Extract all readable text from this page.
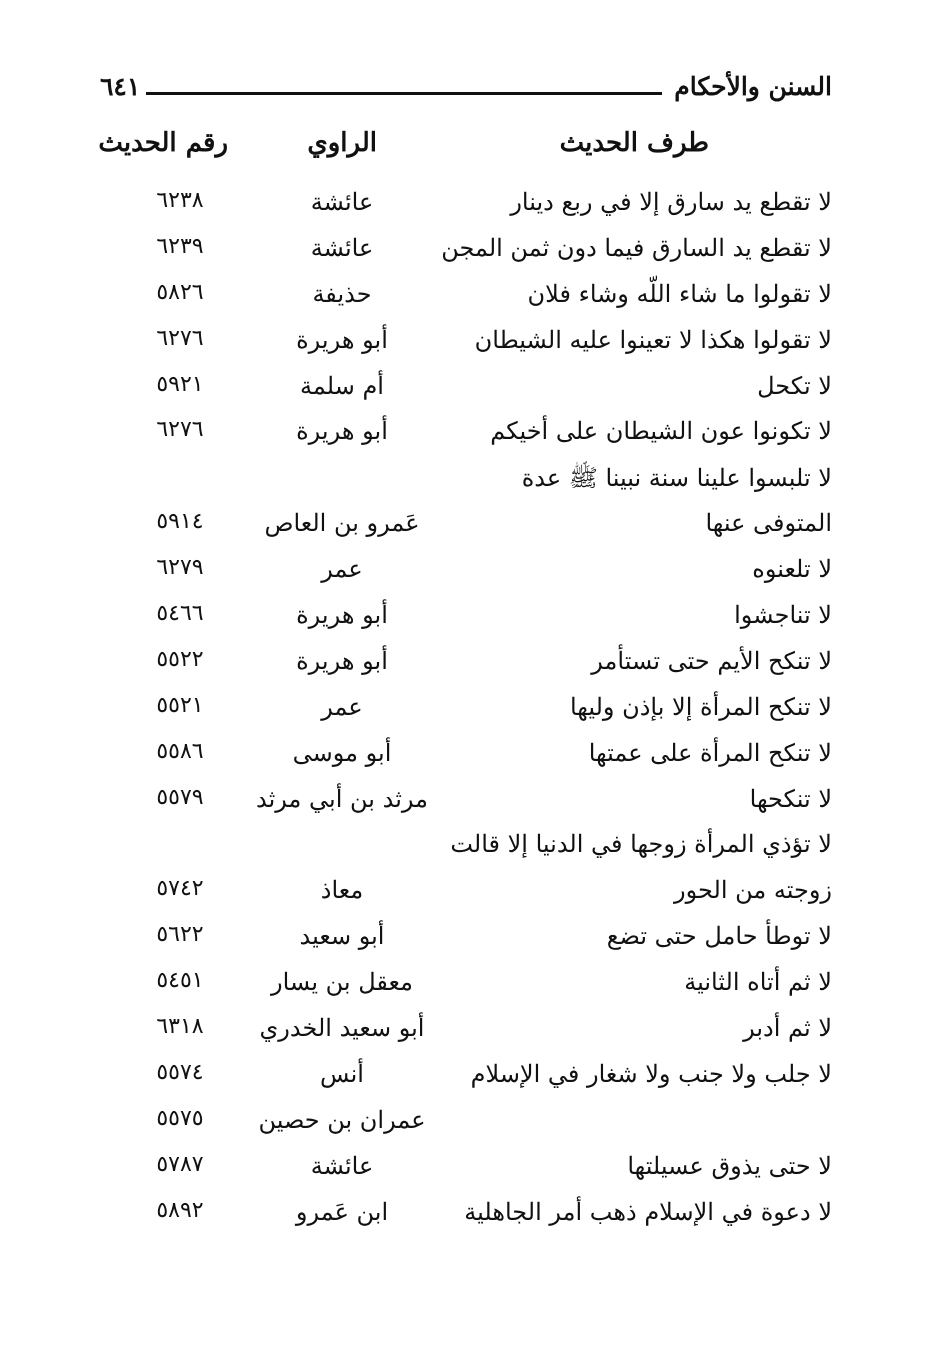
السنن والأحكام
٦٤١
طرف الحديث
الراوي
رقم الحديث
لا تقطع يد سارق إلا في ربع دينار
عائشة
٦٢٣٨
لا تقطع يد السارق فيما دون ثمن المجن
عائشة
٦٢٣٩
لا تقولوا ما شاء اللّه وشاء فلان
حذيفة
٥٨٢٦
لا تقولوا هكذا لا تعينوا عليه الشيطان
أبو هريرة
٦٢٧٦
لا تكحل
أم سلمة
٥٩٢١
لا تكونوا عون الشيطان على أخيكم
أبو هريرة
٦٢٧٦
لا تلبسوا علينا سنة نبينا ﷺ عدة
المتوفى عنها
عَمرو بن العاص
٥٩١٤
لا تلعنوه
عمر
٦٢٧٩
لا تناجشوا
أبو هريرة
٥٤٦٦
لا تنكح الأيم حتى تستأمر
أبو هريرة
٥٥٢٢
لا تنكح المرأة إلا بإذن وليها
عمر
٥٥٢١
لا تنكح المرأة على عمتها
أبو موسى
٥٥٨٦
لا تنكحها
مرثد بن أبي مرثد
٥٥٧٩
لا تؤذي المرأة زوجها في الدنيا إلا قالت
زوجته من الحور
معاذ
٥٧٤٢
لا توطأ حامل حتى تضع
أبو سعيد
٥٦٢٢
لا ثم أتاه الثانية
معقل بن يسار
٥٤٥١
لا ثم أدبر
أبو سعيد الخدري
٦٣١٨
لا جلب ولا جنب ولا شغار في الإسلام
أنس
٥٥٧٤
عمران بن حصين
٥٥٧٥
لا حتى يذوق عسيلتها
عائشة
٥٧٨٧
لا دعوة في الإسلام ذهب أمر الجاهلية
ابن عَمرو
٥٨٩٢
